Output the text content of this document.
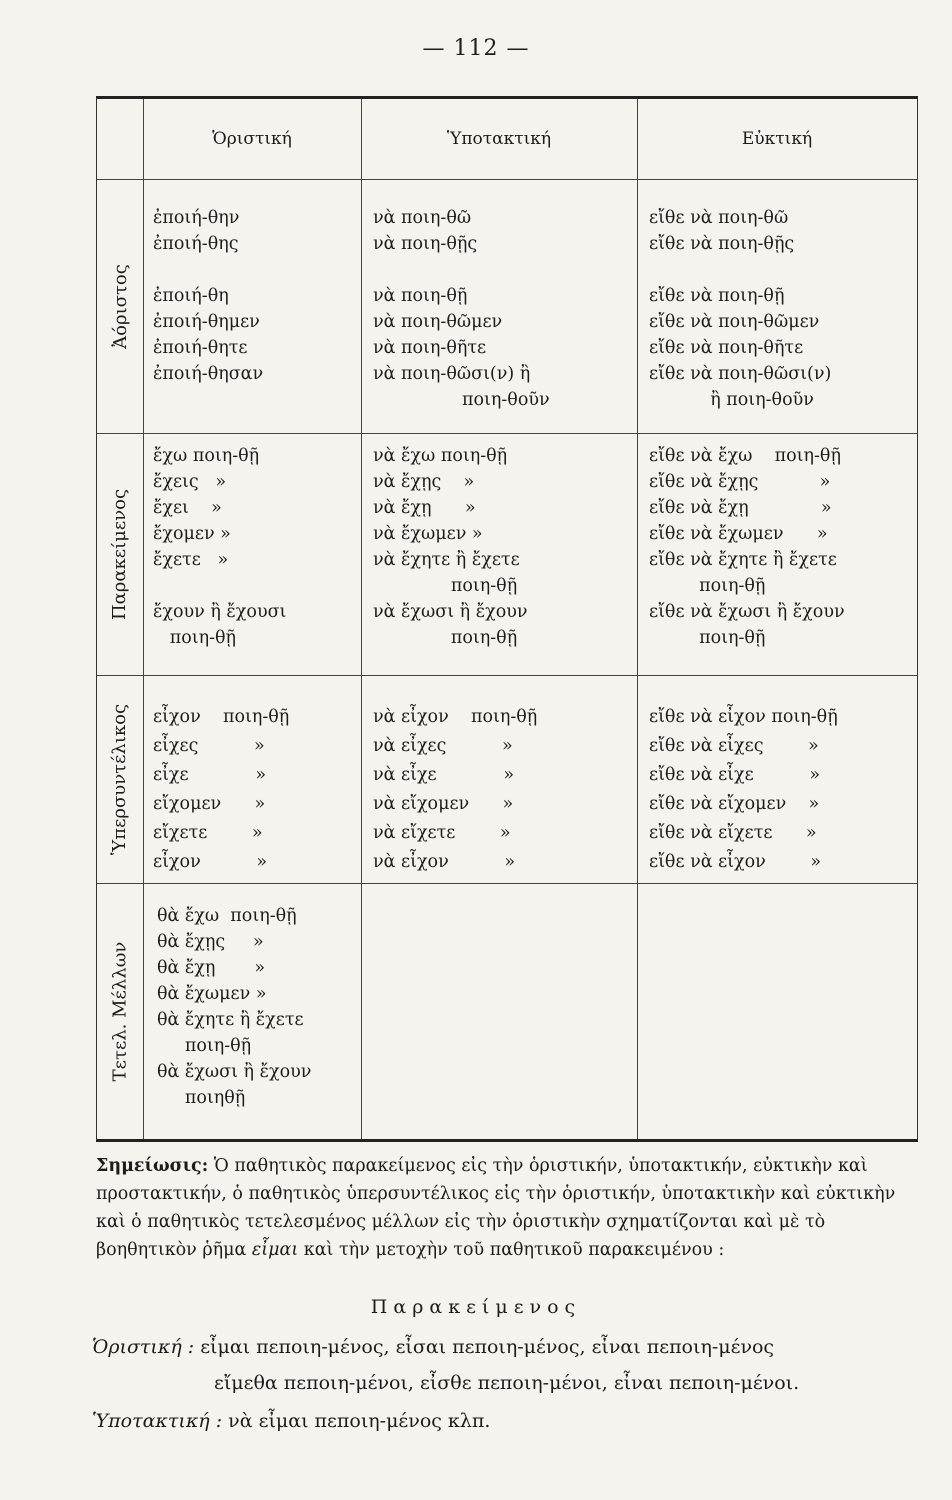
— 112 —
Ὁριστική	Ὑποτακτική	Εὐκτική
Ἀόριστος
ἐποιή-θην
ἐποιή-θης

ἐποιή-θη
ἐποιή-θημεν
ἐποιή-θητε
ἐποιή-θησαν
νὰ ποιη-θῶ
νὰ ποιη-θῇς

νὰ ποιη-θῇ
νὰ ποιη-θῶμεν
νὰ ποιη-θῆτε
νὰ ποιη-θῶσι(ν) ἢ
ποιη-θοῦν
εἴθε νὰ ποιη-θῶ
εἴθε νὰ ποιη-θῇς

εἴθε νὰ ποιη-θῇ
εἴθε νὰ ποιη-θῶμεν
εἴθε νὰ ποιη-θῆτε
εἴθε νὰ ποιη-θῶσι(ν)
ἢ ποιη-θοῦν
Παρακείμενος
ἔχω ποιη-θῇ
ἔχεις   »
ἔχει    »
ἔχομεν »
ἔχετε   »

ἔχουν ἢ ἔχουσι
ποιη-θῇ
νὰ ἔχω ποιη-θῇ
νὰ ἔχῃς    »
νὰ ἔχῃ      »
νὰ ἔχωμεν »
νὰ ἔχητε ἢ ἔχετε
ποιη-θῇ
νὰ ἔχωσι ἢ ἔχουν
ποιη-θῇ
εἴθε νὰ ἔχω    ποιη-θῇ
εἴθε νὰ ἔχῃς           »
εἴθε νὰ ἔχῃ             »
εἴθε νὰ ἔχωμεν      »
εἴθε νὰ ἔχητε ἢ ἔχετε
ποιη-θῇ
εἴθε νὰ ἔχωσι ἢ ἔχουν
ποιη-θῇ
Ὑπερσυντέλικος εἶχον    ποιη-θῇ
εἶχες          »
εἶχε            »
εἴχομεν      »
εἴχετε        »
εἶχον          »
νὰ εἶχον    ποιη-θῇ
νὰ εἶχες          »
νὰ εἶχε            »
νὰ εἴχομεν      »
νὰ εἴχετε        »
νὰ εἶχον          »
εἴθε νὰ εἶχον ποιη-θῇ
εἴθε νὰ εἶχες        »
εἴθε νὰ εἶχε          »
εἴθε νὰ εἴχομεν    »
εἴθε νὰ εἴχετε      »
εἴθε νὰ εἶχον        »
Τετελ. Μέλλων
θὰ ἔχω  ποιη-θῇ
θὰ ἔχῃς     »
θὰ ἔχῃ       »
θὰ ἔχωμεν »
θὰ ἔχητε ἢ ἔχετε
ποιη-θῇ
θὰ ἔχωσι ἢ ἔχουν
ποιηθῇ
Σημείωσις: Ὁ παθητικὸς παρακείμενος εἰς τὴν ὁριστικήν, ὑποτακτικήν, εὐκτικὴν καὶ προστακτικήν, ὁ παθητικὸς ὑπερσυντέλικος εἰς τὴν ὁριστικήν, ὑποτακτικὴν καὶ εὐκτικὴν καὶ ὁ παθητικὸς τετελεσμένος μέλλων εἰς τὴν ὁριστικὴν σχηματίζονται καὶ μὲ τὸ βοηθητικὸν ῥῆμα εἶμαι καὶ τὴν μετοχὴν τοῦ παθητικοῦ παρακειμένου :
Παρακείμενος
Ὁριστική : εἶμαι πεποιη-μένος, εἶσαι πεποιη-μένος, εἶναι πεποιη-μένος
εἴμεθα πεποιη-μένοι, εἶσθε πεποιη-μένοι, εἶναι πεποιη-μένοι.
Ὑποτακτική : νὰ εἶμαι πεποιη-μένος κλπ.
